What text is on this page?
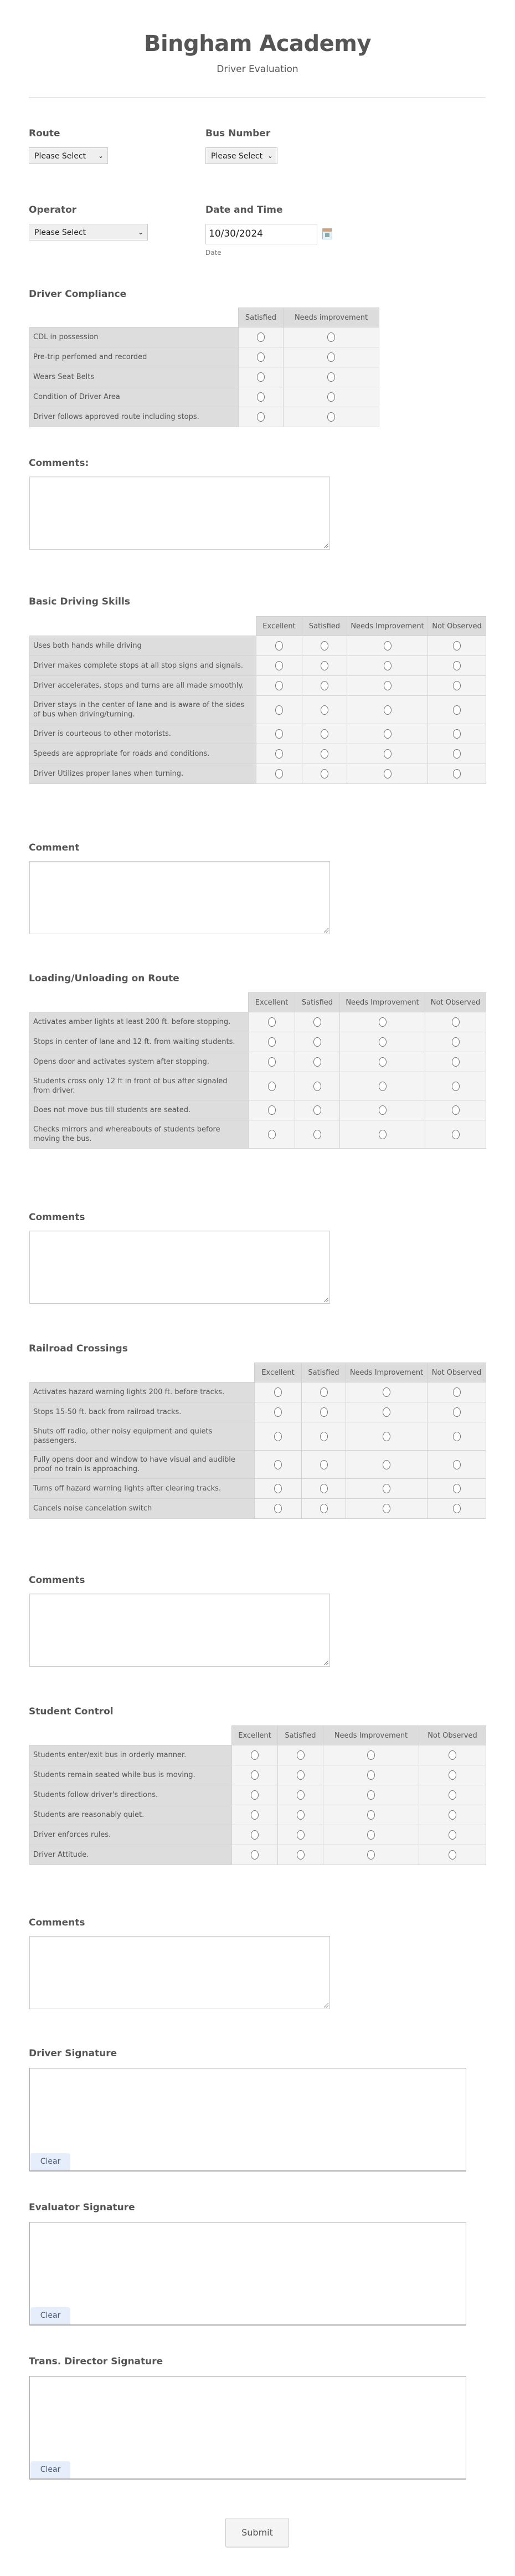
Bingham Academy
Driver Evaluation
Route
Please Select	⌄
Bus Number
Please Select ⌄
Operator
Please Select	⌄
Date and Time
10/30/2024
Date
Driver Compliance
	Satisfied	Needs improvement
CDL in possession		
Pre-trip perfomed and recorded		
Wears Seat Belts		
Condition of Driver Area		
Driver follows approved route including stops.		
Comments:
Basic Driving Skills
	Excellent	Satisfied	Needs Improvement	Not Observed
Uses both hands while driving				
Driver makes complete stops at all stop signs and signals.				
Driver accelerates, stops and turns are all made smoothly.				
Driver stays in the center of lane and is aware of the sides of bus when driving/turning.				
Driver is courteous to other motorists.				
Speeds are appropriate for roads and conditions.				
Driver Utilizes proper lanes when turning.				
Comment
Loading/Unloading on Route
	Excellent	Satisfied	Needs Improvement	Not Observed
Activates amber lights at least 200 ft. before stopping.				
Stops in center of lane and 12 ft. from waiting students.				
Opens door and activates system after stopping.				
Students cross only 12 ft in front of bus after signaled from driver.				
Does not move bus till students are seated.				
Checks mirrors and whereabouts of students before moving the bus.				
Comments
Railroad Crossings
	Excellent	Satisfied	Needs Improvement	Not Observed
Activates hazard warning lights 200 ft. before tracks.				
Stops 15-50 ft. back from railroad tracks.				
Shuts off radio, other noisy equipment and quiets passengers.				
Fully opens door and window to have visual and audible proof no train is approaching.				
Turns off hazard warning lights after clearing tracks.				
Cancels noise cancelation switch				
Comments
Student Control
	Excellent	Satisfied	Needs Improvement	Not Observed
Students enter/exit bus in orderly manner.				
Students remain seated while bus is moving.				
Students follow driver's directions.				
Students are reasonably quiet.				
Driver enforces rules.				
Driver Attitude.				
Comments
Driver Signature
Clear
Evaluator Signature
Clear
Trans. Director Signature
Clear
Submit
